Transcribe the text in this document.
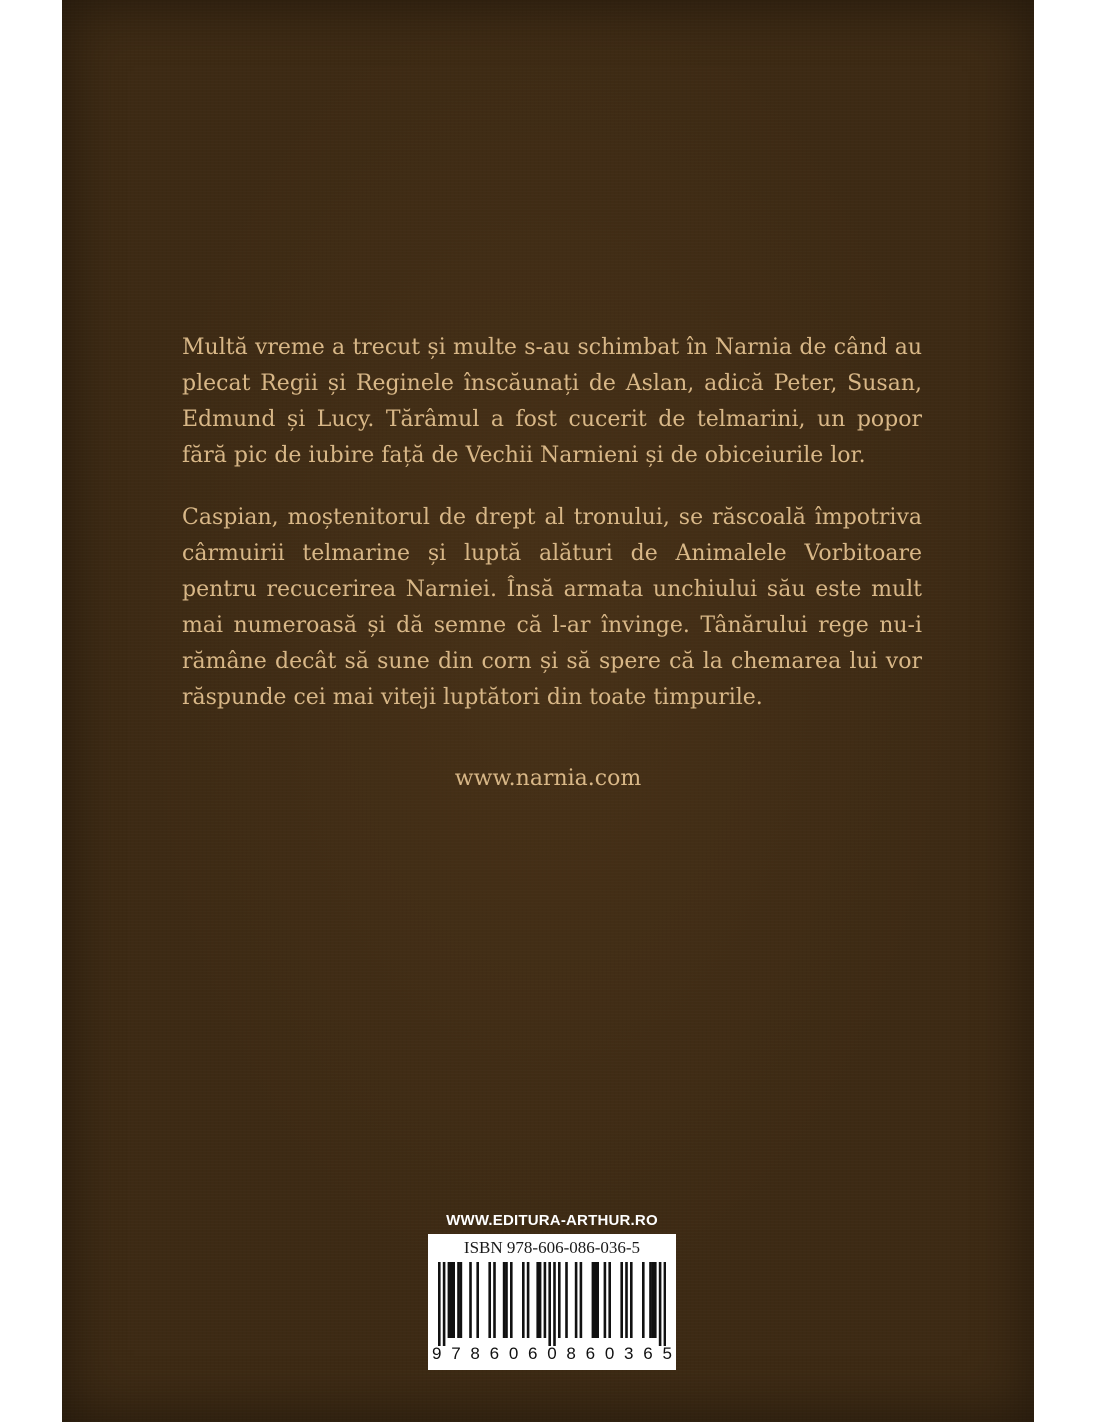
Multă vreme a trecut și multe s-au schimbat în Narnia de când au plecat Regii și Reginele înscăunați de Aslan, adică Peter, Susan, Edmund și Lucy. Tărâmul a fost cucerit de telmarini, un popor fără pic de iubire față de Vechii Narnieni și de obiceiurile lor.

Caspian, moștenitorul de drept al tronului, se răscoală împotriva cârmuirii telmarine și luptă alături de Animalele Vorbitoare pentru recucerirea Narniei. Însă armata unchiului său este mult mai numeroasă și dă semne că l-ar învinge. Tânărului rege nu-i rămâne decât să sune din corn și să spere că la chemarea lui vor răspunde cei mai viteji luptători din toate timpurile.

www.narnia.com
WWW.EDITURA-ARTHUR.RO
ISBN 978-606-086-036-5
9 7 8 6 0 6 0 8 6 0 3 6 5
